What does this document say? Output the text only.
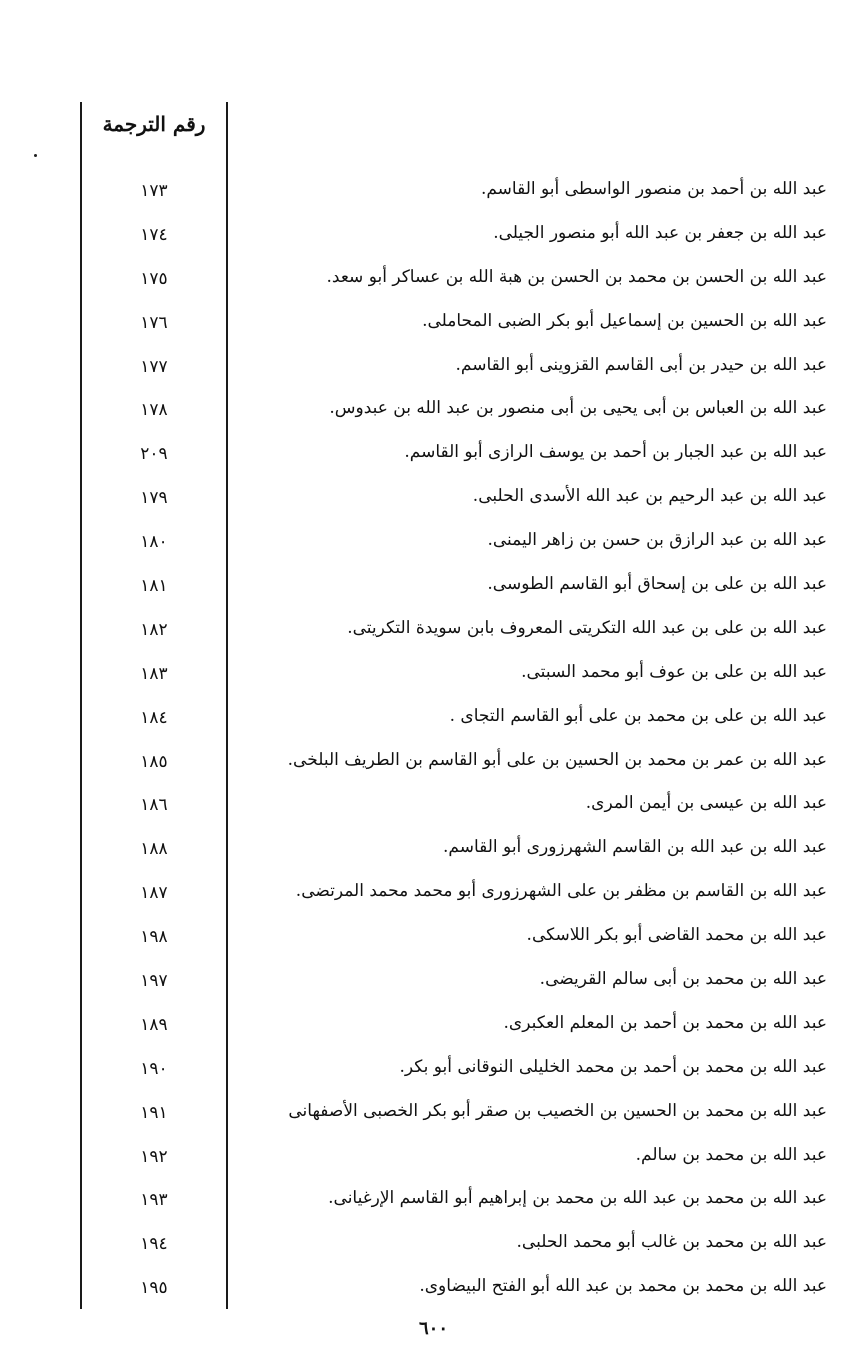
رقم الترجمة
عبد الله بن أحمد بن منصور الواسطى أبو القاسم.
١٧٣
عبد الله بن جعفر بن عبد الله أبو منصور الجيلى.
١٧٤
عبد الله بن الحسن بن محمد بن الحسن بن هبة الله بن عساكر أبو سعد.
١٧٥
عبد الله بن الحسين بن إسماعيل أبو بكر الضبى المحاملى.
١٧٦
عبد الله بن حيدر بن أبى القاسم القزوينى أبو القاسم.
١٧٧
عبد الله بن العباس بن أبى يحيى بن أبى منصور بن عبد الله بن عبدوس.
١٧٨
عبد الله بن عبد الجبار بن أحمد بن يوسف الرازى أبو القاسم.
٢٠٩
عبد الله بن عبد الرحيم بن عبد الله الأسدى الحلبى.
١٧٩
عبد الله بن عبد الرازق بن حسن بن زاهر اليمنى.
١٨٠
عبد الله بن على بن إسحاق أبو القاسم الطوسى.
١٨١
عبد الله بن على بن عبد الله التكريتى المعروف بابن سويدة التكريتى.
١٨٢
عبد الله بن على بن عوف أبو محمد السبتى.
١٨٣
عبد الله بن على بن محمد بن على أبو القاسم التجاى .
١٨٤
عبد الله بن عمر بن محمد بن الحسين بن على أبو القاسم بن الطريف البلخى.
١٨٥
عبد الله بن عيسى بن أيمن المرى.
١٨٦
عبد الله بن عبد الله بن القاسم الشهرزورى أبو القاسم.
١٨٨
عبد الله بن القاسم بن مظفر بن على الشهرزورى أبو محمد محمد المرتضى.
١٨٧
عبد الله بن محمد القاضى أبو بكر اللاسكى.
١٩٨
عبد الله بن محمد بن أبى سالم القريضى.
١٩٧
عبد الله بن محمد بن أحمد بن المعلم العكبرى.
١٨٩
عبد الله بن محمد بن أحمد بن محمد الخليلى النوقانى أبو بكر.
١٩٠
عبد الله بن محمد بن الحسين بن الخصيب بن صقر أبو بكر الخصبى الأصفهانى
١٩١
عبد الله بن محمد بن سالم.
١٩٢
عبد الله بن محمد بن عبد الله بن محمد بن إبراهيم أبو القاسم الإرغيانى.
١٩٣
عبد الله بن محمد بن غالب أبو محمد الحلبى.
١٩٤
عبد الله بن محمد بن محمد بن عبد الله أبو الفتح البيضاوى.
١٩٥
٦٠٠
